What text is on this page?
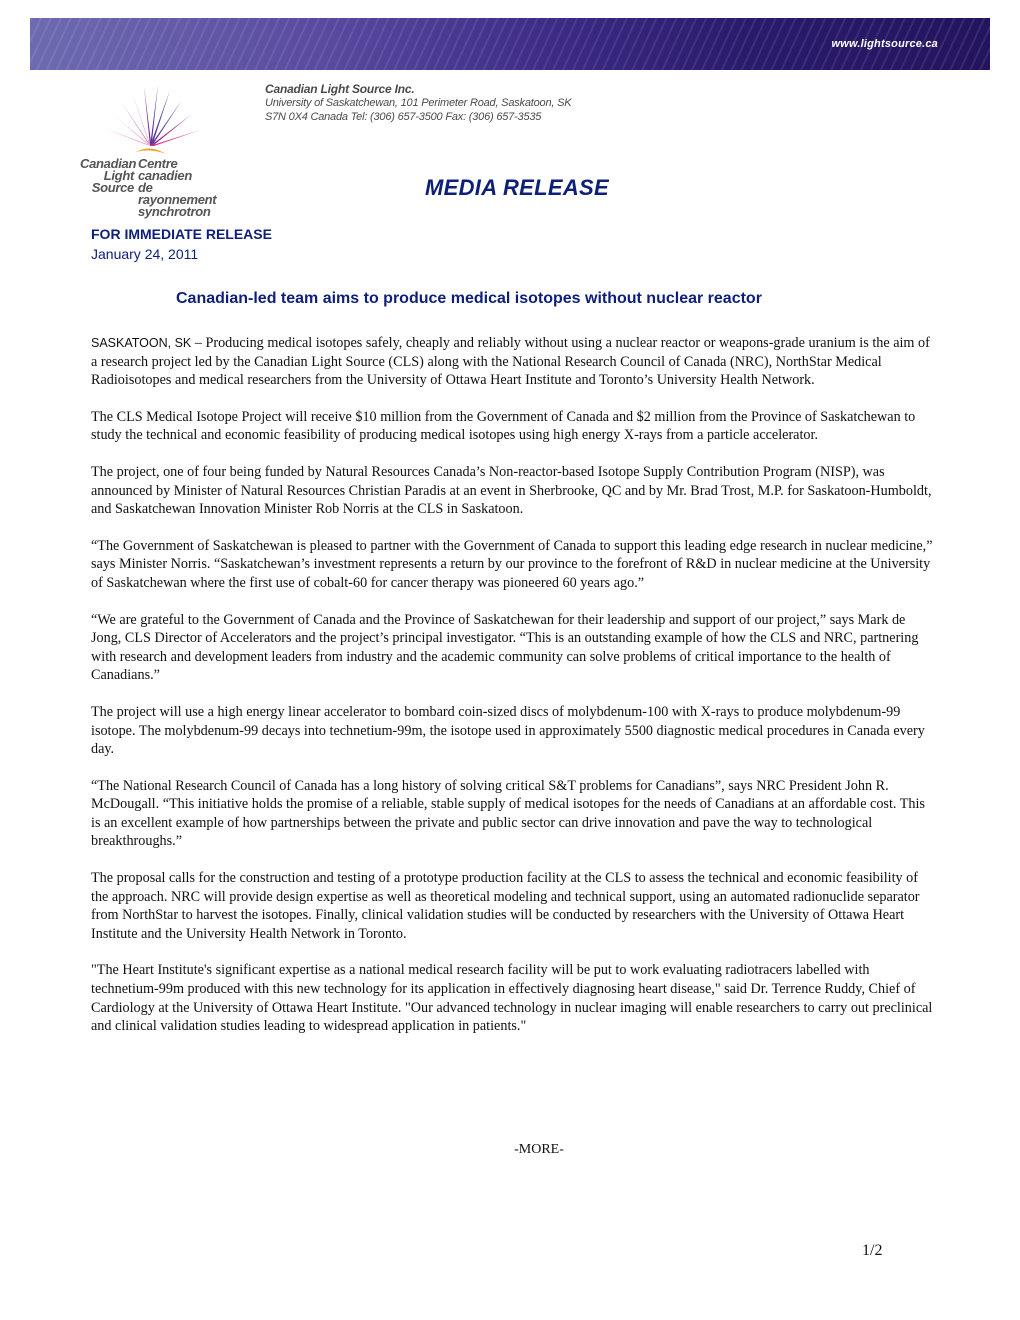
www.lightsource.ca
Canadian
Light
Source
Centre canadien
de rayonnement
synchrotron
Canadian Light Source Inc.
University of Saskatchewan, 101 Perimeter Road, Saskatoon, SK
S7N 0X4 Canada Tel: (306) 657-3500 Fax: (306) 657-3535
MEDIA RELEASE
FOR IMMEDIATE RELEASE
January 24, 2011
Canadian-led team aims to produce medical isotopes without nuclear reactor

SASKATOON, SK – Producing medical isotopes safely, cheaply and reliably without using a nuclear reactor or weapons-grade uranium is the aim of a research project led by the Canadian Light Source (CLS) along with the National Research Council of Canada (NRC), NorthStar Medical Radioisotopes and medical researchers from the University of Ottawa Heart Institute and Toronto’s University Health Network.

The CLS Medical Isotope Project will receive $10 million from the Government of Canada and $2 million from the Province of Saskatchewan to study the technical and economic feasibility of producing medical isotopes using high energy X-rays from a particle accelerator.

The project, one of four being funded by Natural Resources Canada’s Non-reactor-based Isotope Supply Contribution Program (NISP), was announced by Minister of Natural Resources Christian Paradis at an event in Sherbrooke, QC and by Mr. Brad Trost, M.P. for Saskatoon-Humboldt, and Saskatchewan Innovation Minister Rob Norris at the CLS in Saskatoon.

“The Government of Saskatchewan is pleased to partner with the Government of Canada to support this leading edge research in nuclear medicine,” says Minister Norris. “Saskatchewan’s investment represents a return by our province to the forefront of R&D in nuclear medicine at the University of Saskatchewan where the first use of cobalt-60 for cancer therapy was pioneered 60 years ago.”

“We are grateful to the Government of Canada and the Province of Saskatchewan for their leadership and support of our project,” says Mark de Jong, CLS Director of Accelerators and the project’s principal investigator. “This is an outstanding example of how the CLS and NRC, partnering with research and development leaders from industry and the academic community can solve problems of critical importance to the health of Canadians.”

The project will use a high energy linear accelerator to bombard coin-sized discs of molybdenum-100 with X-rays to produce molybdenum-99 isotope. The molybdenum-99 decays into technetium-99m, the isotope used in approximately 5500 diagnostic medical procedures in Canada every day.

“The National Research Council of Canada has a long history of solving critical S&T problems for Canadians”, says NRC President John R. McDougall. “This initiative holds the promise of a reliable, stable supply of medical isotopes for the needs of Canadians at an affordable cost. This is an excellent example of how partnerships between the private and public sector can drive innovation and pave the way to technological breakthroughs.”

The proposal calls for the construction and testing of a prototype production facility at the CLS to assess the technical and economic feasibility of the approach. NRC will provide design expertise as well as theoretical modeling and technical support, using an automated radionuclide separator from NorthStar to harvest the isotopes. Finally, clinical validation studies will be conducted by researchers with the University of Ottawa Heart Institute and the University Health Network in Toronto.

"The Heart Institute's significant expertise as a national medical research facility will be put to work evaluating radiotracers labelled with technetium-99m produced with this new technology for its application in effectively diagnosing heart disease," said Dr. Terrence Ruddy, Chief of Cardiology at the University of Ottawa Heart Institute. "Our advanced technology in nuclear imaging will enable researchers to carry out preclinical and clinical validation studies leading to widespread application in patients."

-MORE-
1/2
